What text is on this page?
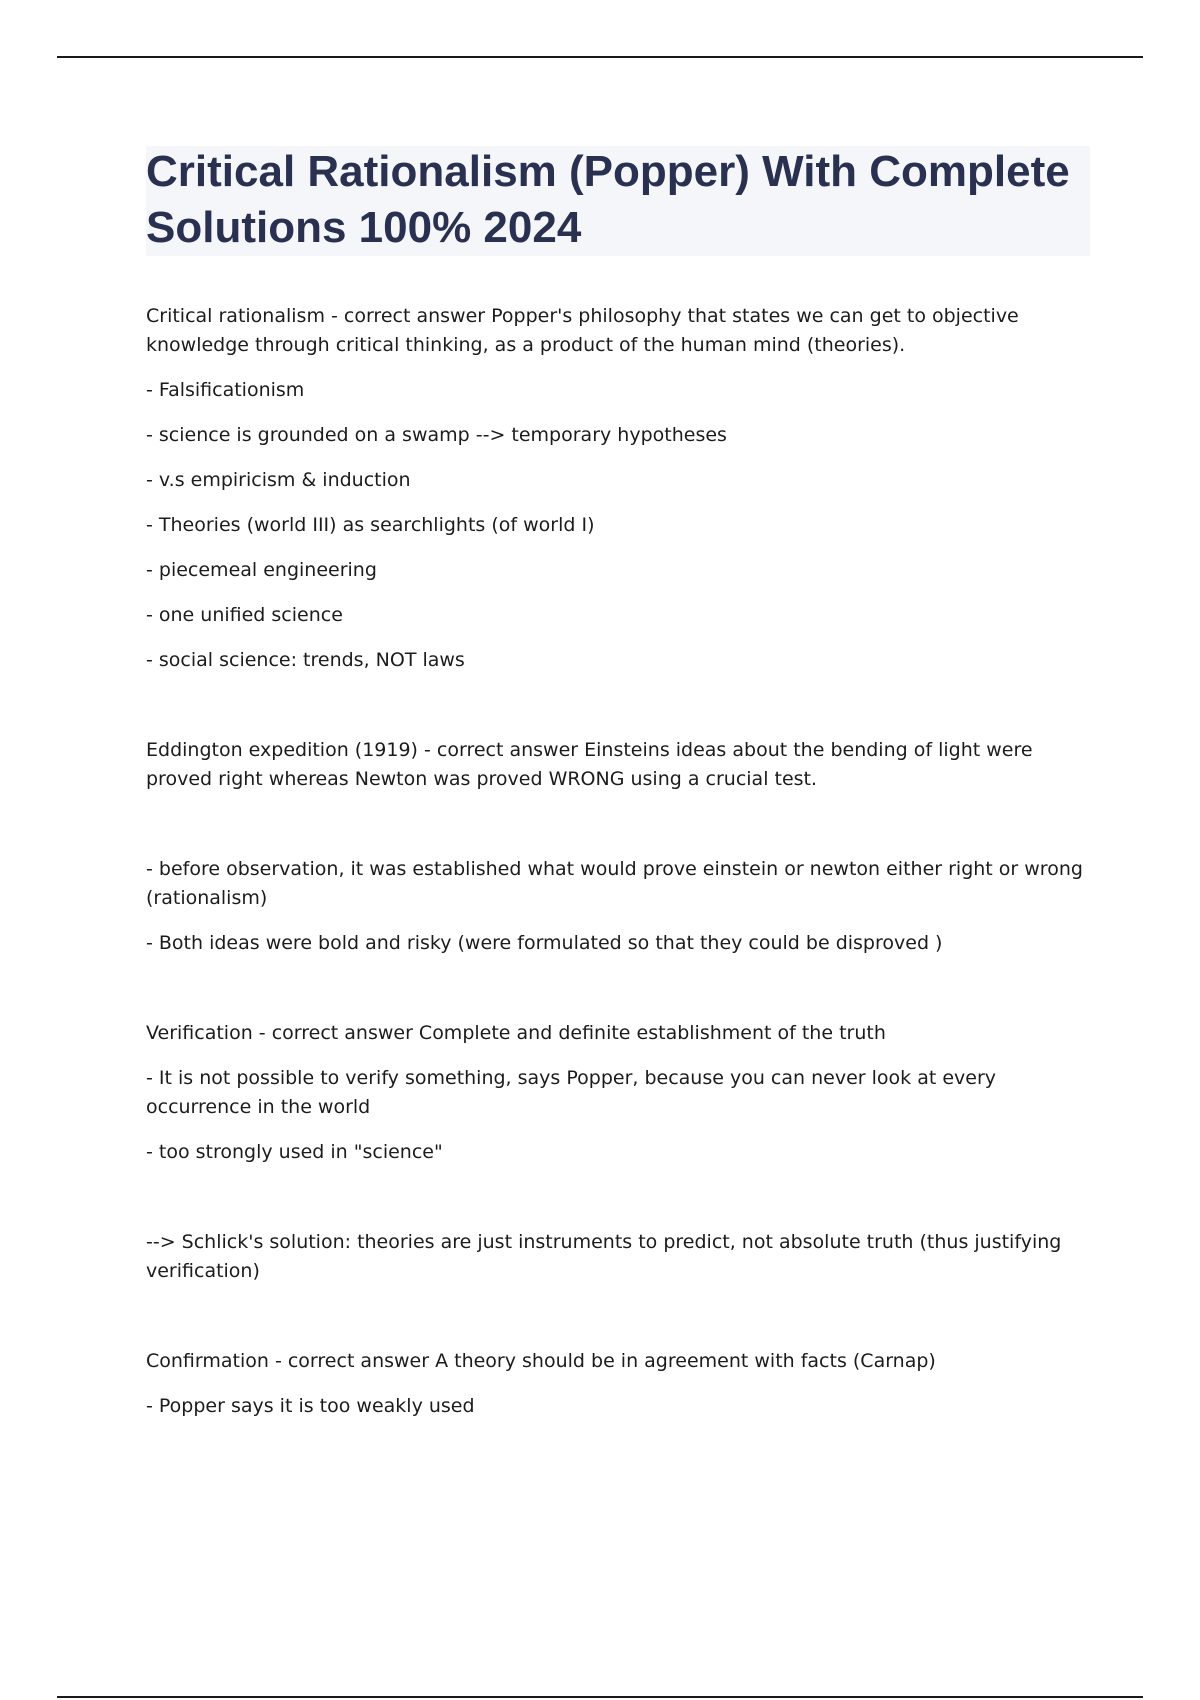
Critical Rationalism (Popper) With Complete Solutions 100% 2024

Critical rationalism - correct answer Popper's philosophy that states we can get to objective knowledge through critical thinking, as a product of the human mind (theories).

- Falsificationism

- science is grounded on a swamp --> temporary hypotheses

- v.s empiricism & induction

- Theories (world III) as searchlights (of world I)

- piecemeal engineering

- one unified science

- social science: trends, NOT laws

Eddington expedition (1919) - correct answer Einsteins ideas about the bending of light were proved right whereas Newton was proved WRONG using a crucial test.

- before observation, it was established what would prove einstein or newton either right or wrong (rationalism)

- Both ideas were bold and risky (were formulated so that they could be disproved )

Verification - correct answer Complete and definite establishment of the truth

- It is not possible to verify something, says Popper, because you can never look at every occurrence in the world

- too strongly used in "science"

--> Schlick's solution: theories are just instruments to predict, not absolute truth (thus justifying verification)

Confirmation - correct answer A theory should be in agreement with facts (Carnap)

- Popper says it is too weakly used
